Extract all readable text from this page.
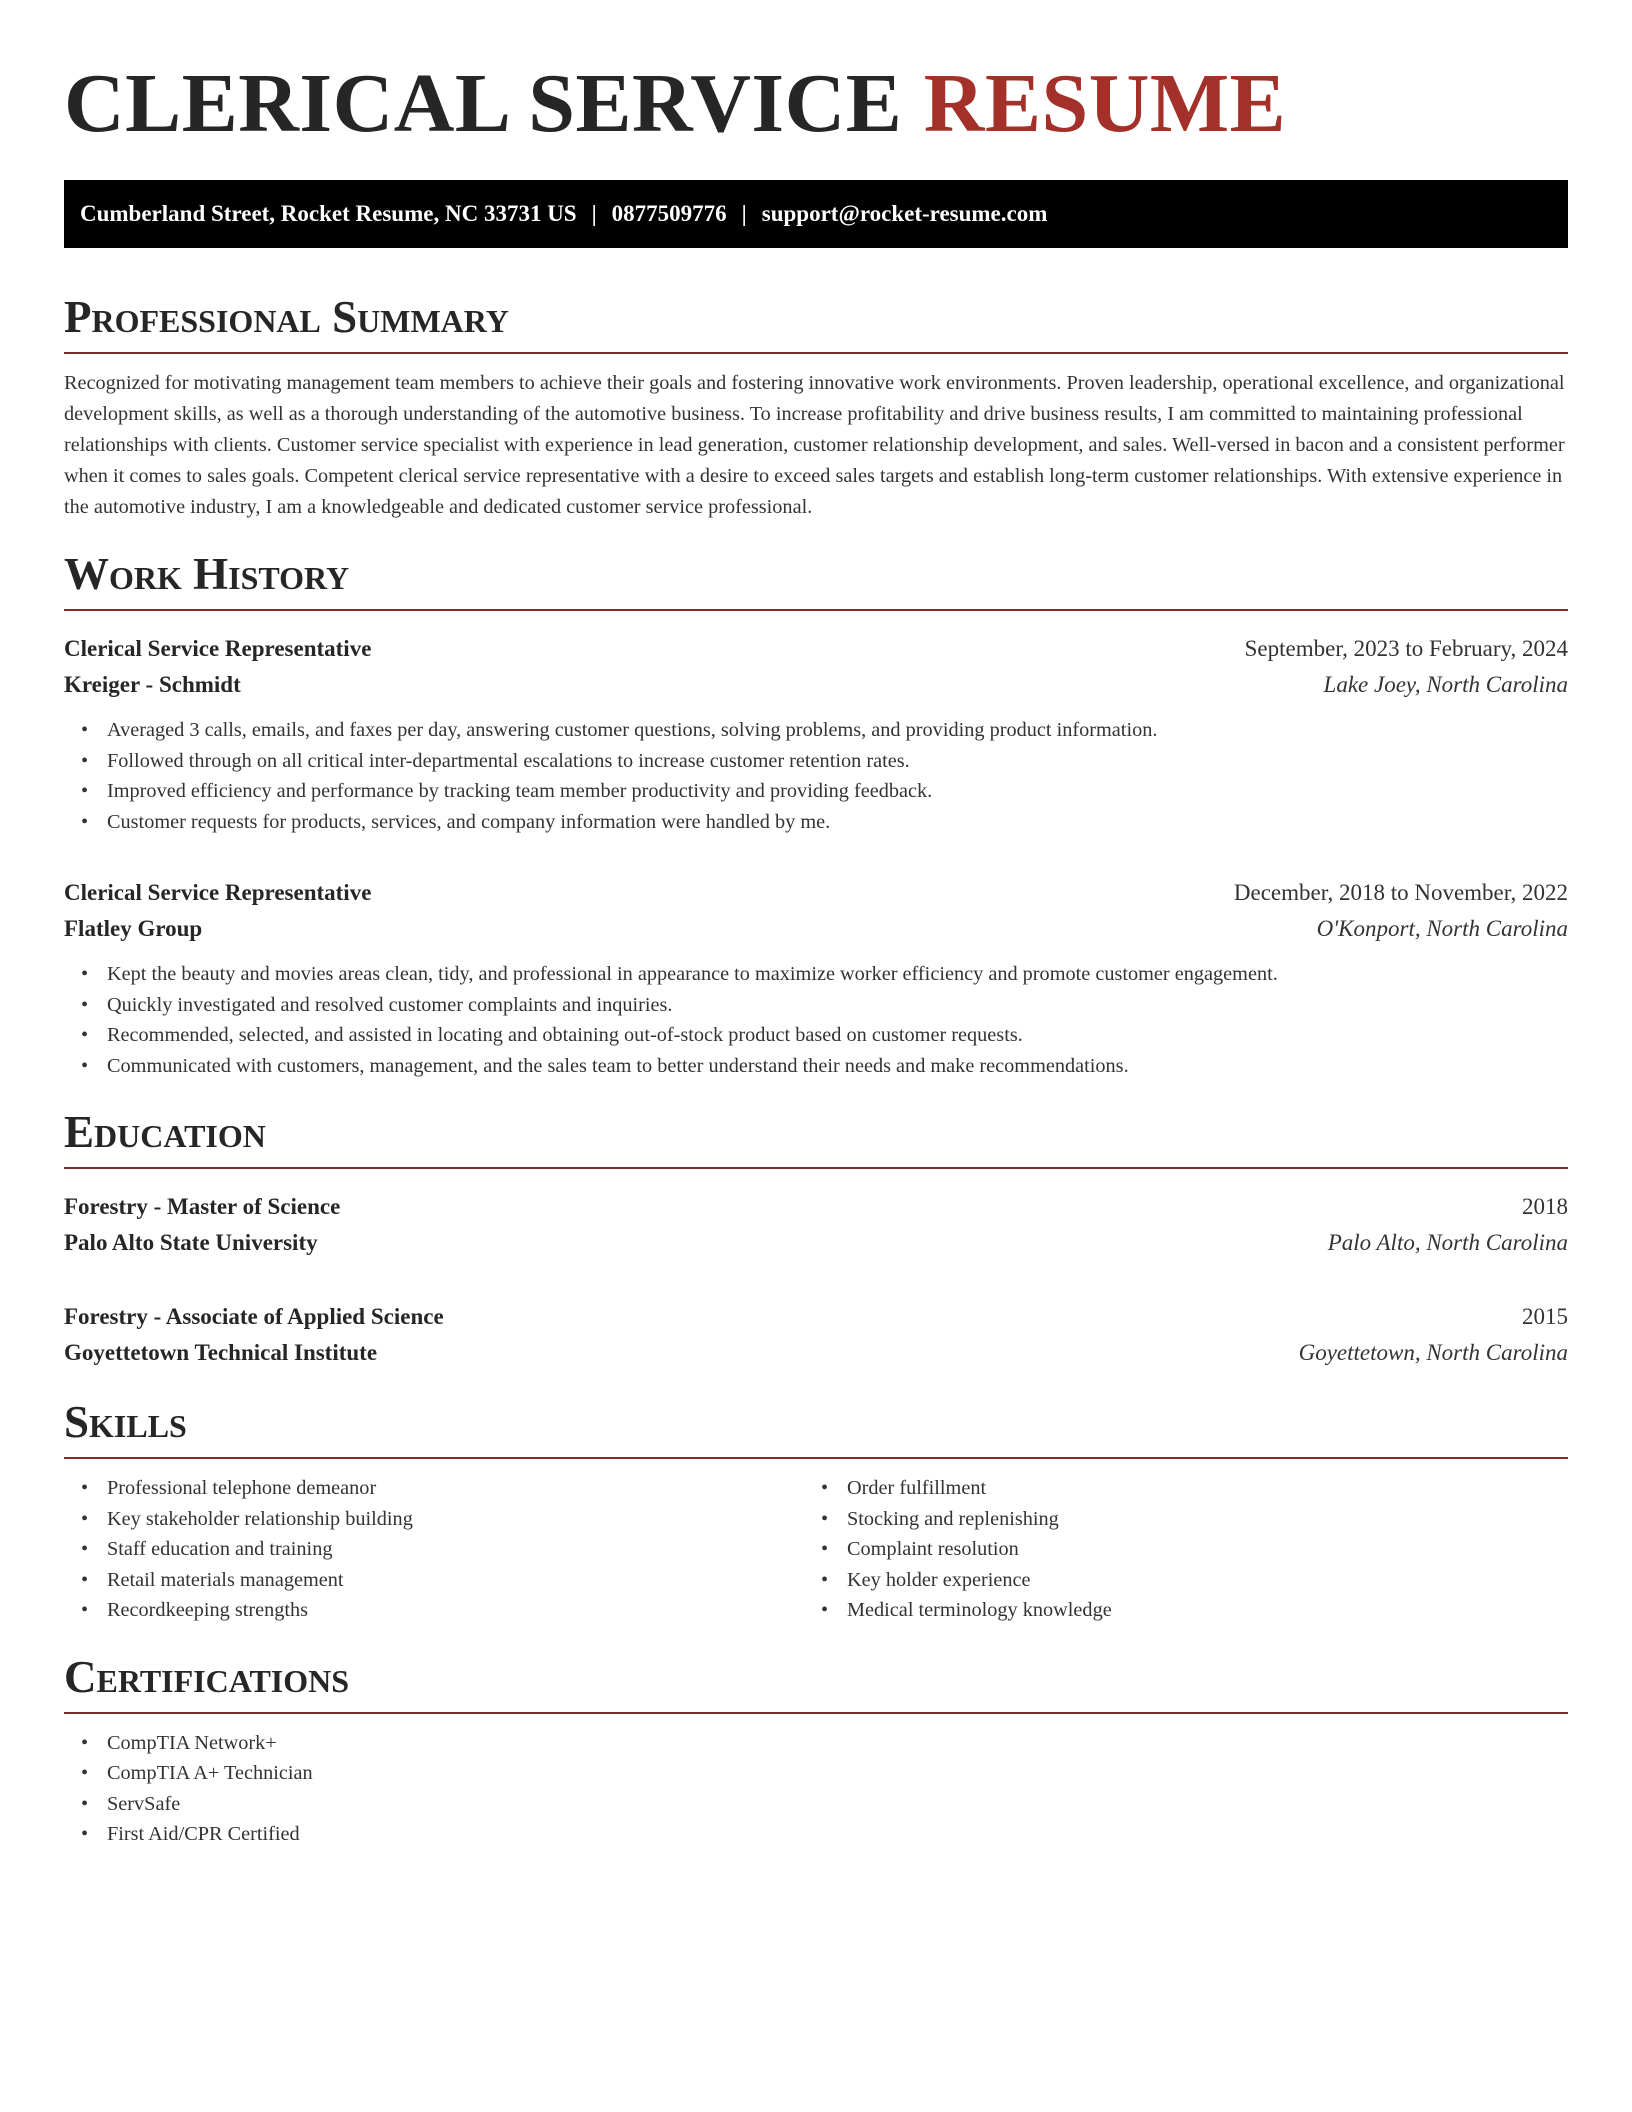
CLERICAL SERVICE RESUME
Cumberland Street, Rocket Resume, NC 33731 US | 0877509776 | support@rocket-resume.com
Professional Summary

Recognized for motivating management team members to achieve their goals and fostering innovative work environments. Proven leadership, operational excellence, and organizational development skills, as well as a thorough understanding of the automotive business. To increase profitability and drive business results, I am committed to maintaining professional relationships with clients. Customer service specialist with experience in lead generation, customer relationship development, and sales. Well-versed in bacon and a consistent performer when it comes to sales goals. Competent clerical service representative with a desire to exceed sales targets and establish long-term customer relationships. With extensive experience in the automotive industry, I am a knowledgeable and dedicated customer service professional.

Work History
Clerical Service Representative	September, 2023 to February, 2024
Kreiger - Schmidt	Lake Joey, North Carolina
• Averaged 3 calls, emails, and faxes per day, answering customer questions, solving problems, and providing product information.
• Followed through on all critical inter-departmental escalations to increase customer retention rates.
• Improved efficiency and performance by tracking team member productivity and providing feedback.
• Customer requests for products, services, and company information were handled by me.
Clerical Service Representative	December, 2018 to November, 2022
Flatley Group	O'Konport, North Carolina
• Kept the beauty and movies areas clean, tidy, and professional in appearance to maximize worker efficiency and promote customer engagement.
• Quickly investigated and resolved customer complaints and inquiries.
• Recommended, selected, and assisted in locating and obtaining out-of-stock product based on customer requests.
• Communicated with customers, management, and the sales team to better understand their needs and make recommendations.
Education
Forestry - Master of Science	2018
Palo Alto State University	Palo Alto, North Carolina
Forestry - Associate of Applied Science	2015
Goyettetown Technical Institute	Goyettetown, North Carolina
Skills
• Professional telephone demeanor
• Key stakeholder relationship building
• Staff education and training
• Retail materials management
• Recordkeeping strengths
• Order fulfillment
• Stocking and replenishing
• Complaint resolution
• Key holder experience
• Medical terminology knowledge
Certifications
• CompTIA Network+
• CompTIA A+ Technician
• ServSafe
• First Aid/CPR Certified
